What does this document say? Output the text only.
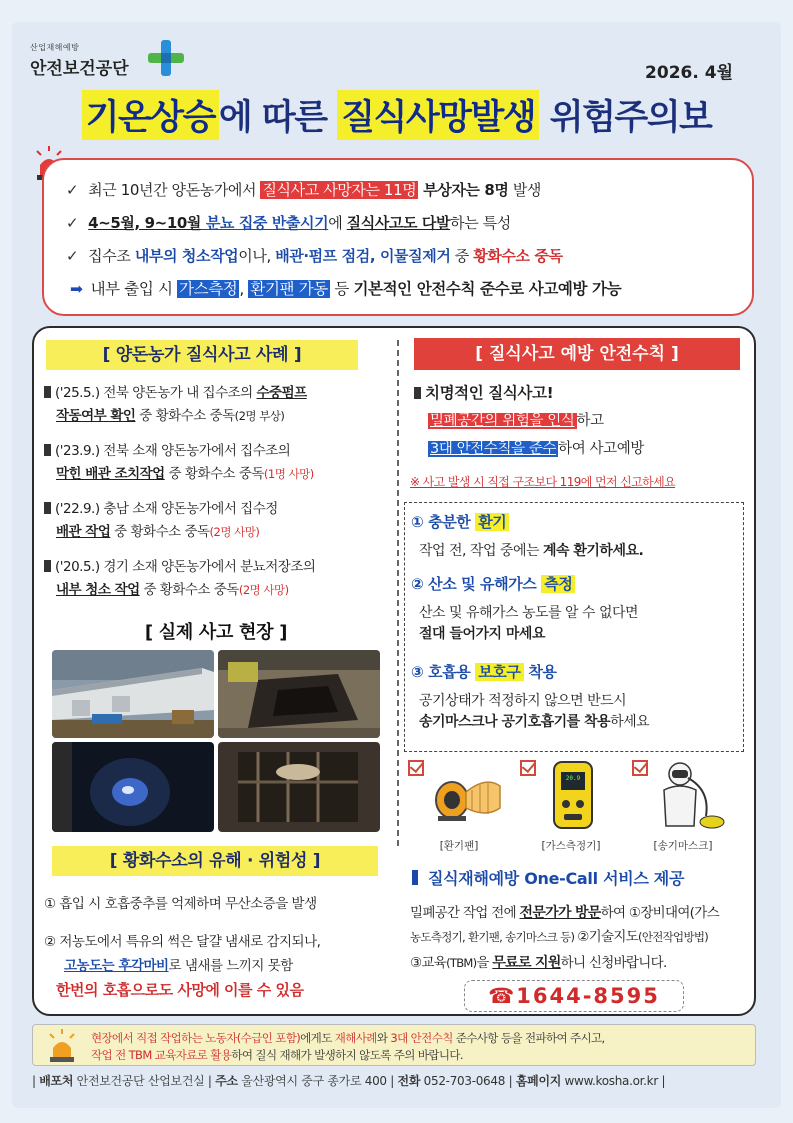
산업재해예방
안전보건공단	2026. 4월
기온상승 에 따른 질식사망발생 위험주의보
✓ 최근 10년간 양돈농가에서 질식사고 사망자는 11명 부상자는 8명 발생
✓ 4~5월, 9~10월 분뇨 집중 반출시기에 질식사고도 다발하는 특성
✓ 집수조 내부의 청소작업이나, 배관·펌프 점검, 이물질제거 중 황화수소 중독
➡ 내부 출입 시 가스측정 , 환기팬 가동 등 기본적인 안전수칙 준수로 사고예방 가능
[ 양돈농가 질식사고 사례 ]
('25.5.) 전북 양돈농가 내 집수조의 수중펌프
작동여부 확인 중 황화수소 중독(2명 부상)
('23.9.) 전북 소재 양돈농가에서 집수조의
막힌 배관 조치작업 중 황화수소 중독(1명 사망)
('22.9.) 충남 소재 양돈농가에서 집수정
배관 작업 중 황화수소 중독(2명 사망)
('20.5.) 경기 소재 양돈농가에서 분뇨저장조의
내부 청소 작업 중 황화수소 중독(2명 사망)
[ 실제 사고 현장 ]
[ 황화수소의 유해 · 위험성 ]
① 흡입 시 호흡중추를 억제하며 무산소증을 발생
② 저농도에서 특유의 썩은 달걀 냄새로 감지되나,
고농도는 후각마비로 냄새를 느끼지 못함
한번의 호흡으로도 사망에 이를 수 있음
[ 질식사고 예방 안전수칙 ]
치명적인 질식사고!
밀폐공간의 위험을 인식 하고
3대 안전수칙을 준수 하여 사고예방
※ 사고 발생 시 직접 구조보다 119에 먼저 신고하세요
① 충분한 환기
작업 전, 작업 중에는 계속 환기하세요.
② 산소 및 유해가스 측정
산소 및 유해가스 농도를 알 수 없다면
절대 들어가지 마세요
③ 호흡용 보호구 착용
공기상태가 적정하지 않으면 반드시
송기마스크나 공기호흡기를 착용하세요
[환기팬]
20.9
[가스측정기]	[송기마스크]
질식재해예방 One-Call 서비스 제공
밀폐공간 작업 전에 전문가가 방문하여 ①장비대여(가스
농도측정기, 환기팬, 송기마스크 등) ②기술지도(안전작업방법)
③교육(TBM)을 무료로 지원하니 신청바랍니다.
☎1644-8595
현장에서 직접 작업하는 노동자(수급인 포함)에게도 재해사례와 3대 안전수칙 준수사항 등을 전파하여 주시고,
작업 전 TBM 교육자료로 활용하여 질식 재해가 발생하지 않도록 주의 바랍니다.
| 배포처 안전보건공단 산업보건실 | 주소 울산광역시 중구 종가로 400 | 전화 052-703-0648 | 홈페이지 www.kosha.or.kr |
